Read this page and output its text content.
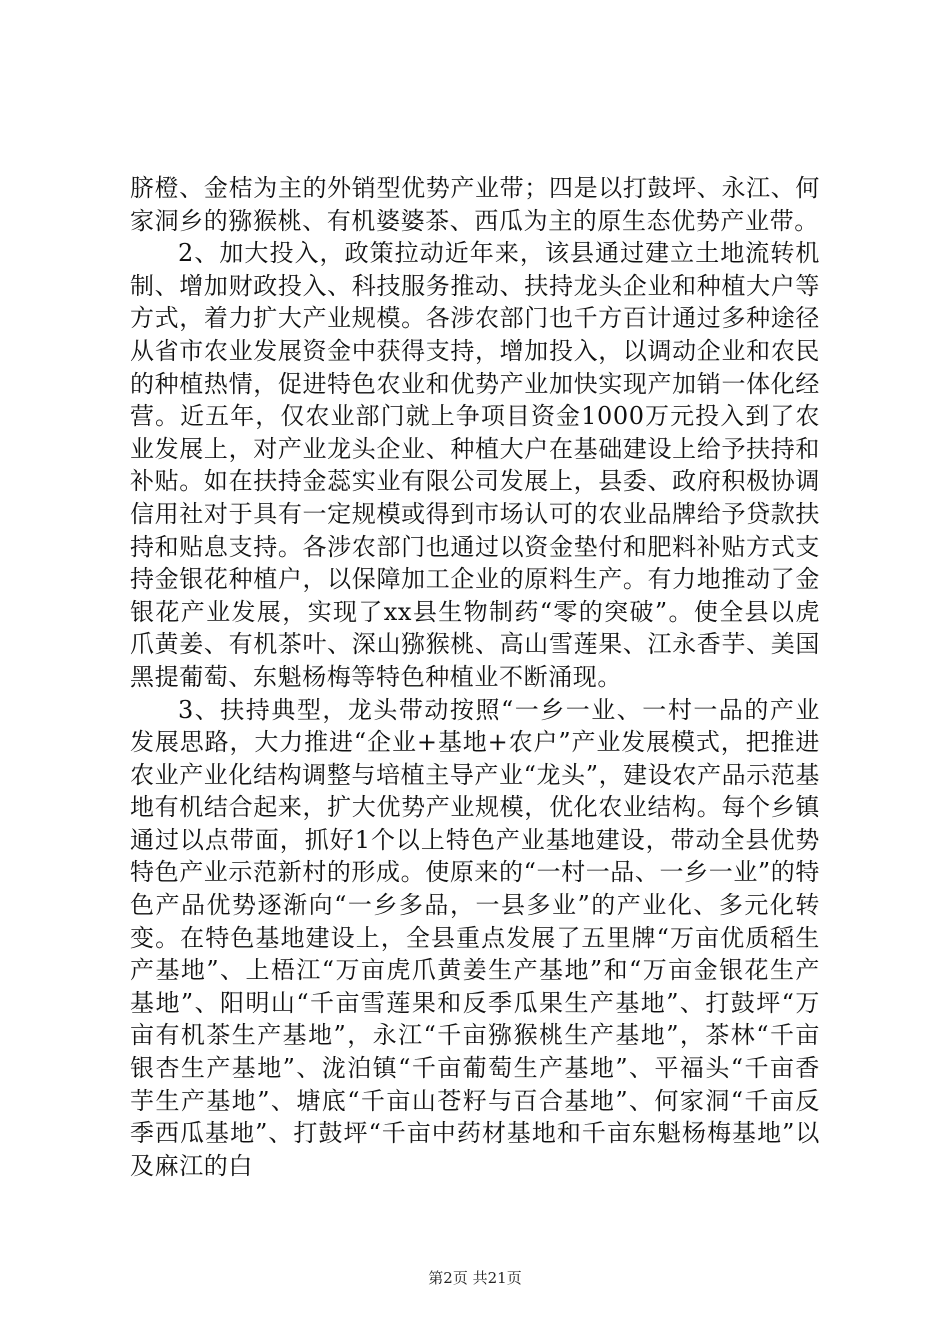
脐橙、金桔为主的外销型优势产业带；四是以打鼓坪、永江、何家洞乡的猕猴桃、有机婆婆茶、西瓜为主的原生态优势产业带。

2、加大投入，政策拉动近年来，该县通过建立土地流转机制、增加财政投入、科技服务推动、扶持龙头企业和种植大户等方式，着力扩大产业规模。各涉农部门也千方百计通过多种途径从省市农业发展资金中获得支持，增加投入，以调动企业和农民的种植热情，促进特色农业和优势产业加快实现产加销一体化经营。近五年，仅农业部门就上争项目资金1000万元投入到了农业发展上，对产业龙头企业、种植大户在基础建设上给予扶持和补贴。如在扶持金蕊实业有限公司发展上，县委、政府积极协调信用社对于具有一定规模或得到市场认可的农业品牌给予贷款扶持和贴息支持。各涉农部门也通过以资金垫付和肥料补贴方式支持金银花种植户，以保障加工企业的原料生产。有力地推动了金银花产业发展，实现了xx县生物制药“零的突破”。使全县以虎爪黄姜、有机茶叶、深山猕猴桃、高山雪莲果、江永香芋、美国黑提葡萄、东魁杨梅等特色种植业不断涌现。

3、扶持典型，龙头带动按照“一乡一业、一村一品的产业发展思路，大力推进“企业+基地+农户”产业发展模式，把推进农业产业化结构调整与培植主导产业“龙头”，建设农产品示范基地有机结合起来，扩大优势产业规模，优化农业结构。每个乡镇通过以点带面，抓好1个以上特色产业基地建设，带动全县优势特色产业示范新村的形成。使原来的“一村一品、一乡一业”的特色产品优势逐渐向“一乡多品，一县多业”的产业化、多元化转变。在特色基地建设上，全县重点发展了五里牌“万亩优质稻生产基地”、上梧江“万亩虎爪黄姜生产基地”和“万亩金银花生产基地”、阳明山“千亩雪莲果和反季瓜果生产基地”、打鼓坪“万亩有机茶生产基地”，永江“千亩猕猴桃生产基地”，茶林“千亩银杏生产基地”、泷泊镇“千亩葡萄生产基地”、平福头“千亩香芋生产基地”、塘底“千亩山苍籽与百合基地”、何家洞“千亩反季西瓜基地”、打鼓坪“千亩中药材基地和千亩东魁杨梅基地”以及麻江的白

第2页 共21页
